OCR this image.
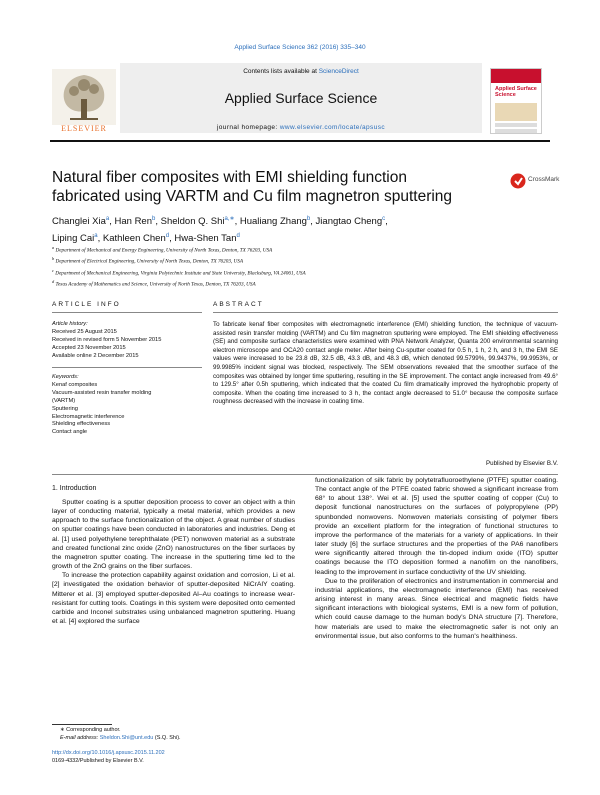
Applied Surface Science 362 (2016) 335–340
ELSEVIER
Contents lists available at ScienceDirect
Applied Surface Science
journal homepage: www.elsevier.com/locate/apsusc
Applied Surface Science
Natural fiber composites with EMI shielding function fabricated using VARTM and Cu film magnetron sputtering
CrossMark
Changlei Xia$^a$, Han Ren$^b$, Sheldon Q. Shi$^{a,∗}$, Hualiang Zhang$^b$, Jiangtao Cheng$^c$,
Liping Cai$^a$, Kathleen Chen$^d$, Hwa-Shen Tan$^d$
$^a$ Department of Mechanical and Energy Engineering, University of North Texas, Denton, TX 76203, USA
$^b$ Department of Electrical Engineering, University of North Texas, Denton, TX 76203, USA
$^c$ Department of Mechanical Engineering, Virginia Polytechnic Institute and State University, Blacksburg, VA 24061, USA
$^d$ Texas Academy of Mathematics and Science, University of North Texas, Denton, TX 76203, USA
ARTICLE INFO	ABSTRACT
Article history:
Received 25 August 2015
Received in revised form 5 November 2015
Accepted 23 November 2015
Available online 2 December 2015
Keywords:
Kenaf composites
Vacuum-assisted resin transfer molding
(VARTM)
Sputtering
Electromagnetic interference
Shielding effectiveness
Contact angle
To fabricate kenaf fiber composites with electromagnetic interference (EMI) shielding function, the technique of vacuum-assisted resin transfer molding (VARTM) and Cu film magnetron sputtering were employed. The EMI shielding effectiveness (SE) and composite surface characteristics were examined with PNA Network Analyzer, Quanta 200 environmental scanning electron microscope and OCA20 contact angle meter. After being Cu-sputter coated for 0.5 h, 1 h, 2 h, and 3 h, the EMI SE values were increased to be 23.8 dB, 32.5 dB, 43.3 dB, and 48.3 dB, which denoted 99.5799%, 99.9437%, 99.9953%, or 99.9985% incident signal was blocked, respectively. The SEM observations revealed that the smoother surface of the composites was obtained by longer time sputtering, resulting in the SE improvement. The contact angle increased from 49.6° to 129.5° after 0.5h sputtering, which indicated that the coated Cu film dramatically improved the hydrophobic property of composite. When the coating time increased to 3 h, the contact angle decreased to 51.0° because the composite surface roughness decreased with the increase in coating time.
Published by Elsevier B.V.
1. Introduction

Sputter coating is a sputter deposition process to cover an object with a thin layer of conducting material, typically a metal material, which provides a new approach to the surface functionalization of the object. A great number of studies on sputter coatings have been conducted in laboratories and industries. Deng et al. [1] used polyethylene terephthalate (PET) nonwoven material as a substrate and created functional zinc oxide (ZnO) nanostructures on the fiber surfaces by the magnetron sputter coating. The increase in the sputtering time led to the growth of the ZnO grains on the fiber surfaces.

To increase the protection capability against oxidation and corrosion, Li et al. [2] investigated the oxidation behavior of sputter-deposited NiCrAlY coating. Mitterer et al. [3] employed sputter-deposited Al–Au coatings to increase wear-resistant for cutting tools. Coatings in this system were deposited onto cemented carbide and Inconel substrates using unbalanced magnetron sputtering. Huang et al. [4] explored the surface

functionalization of silk fabric by polytetrafluoroethylene (PTFE) sputter coating. The contact angle of the PTFE coated fabric showed a significant increase from 68° to about 138°. Wei et al. [5] used the sputter coating of copper (Cu) to deposit functional nanostructures on the surfaces of polypropylene (PP) spunbonded nonwovens. Nonwoven materials consisting of polymer fibers provide an excellent platform for the integration of functional structures to improve the performance of the materials for a variety of applications. In their later study [6] the surface structures and the properties of the PA6 nanofibers were significantly altered through the tin-doped indium oxide (ITO) sputter coatings because the ITO deposition formed a nanofilm on the nanofibers, leading to the improvement in surface conductivity of the UV shielding.

Due to the proliferation of electronics and instrumentation in commercial and industrial applications, the electromagnetic interference (EMI) has received arising interest in many areas. Since electrical and magnetic fields have significant interactions with biological systems, EMI is a new form of pollution, which could cause damage to the human body's DNA structure [7]. Therefore, how materials are used to make the electromagnetic safer is not only an environmental issue, but also conforms to the human's healthiness.

∗ Corresponding author.
E-mail address: Sheldon.Shi@unt.edu (S.Q. Shi).
http://dx.doi.org/10.1016/j.apsusc.2015.11.202
0169-4332/Published by Elsevier B.V.
